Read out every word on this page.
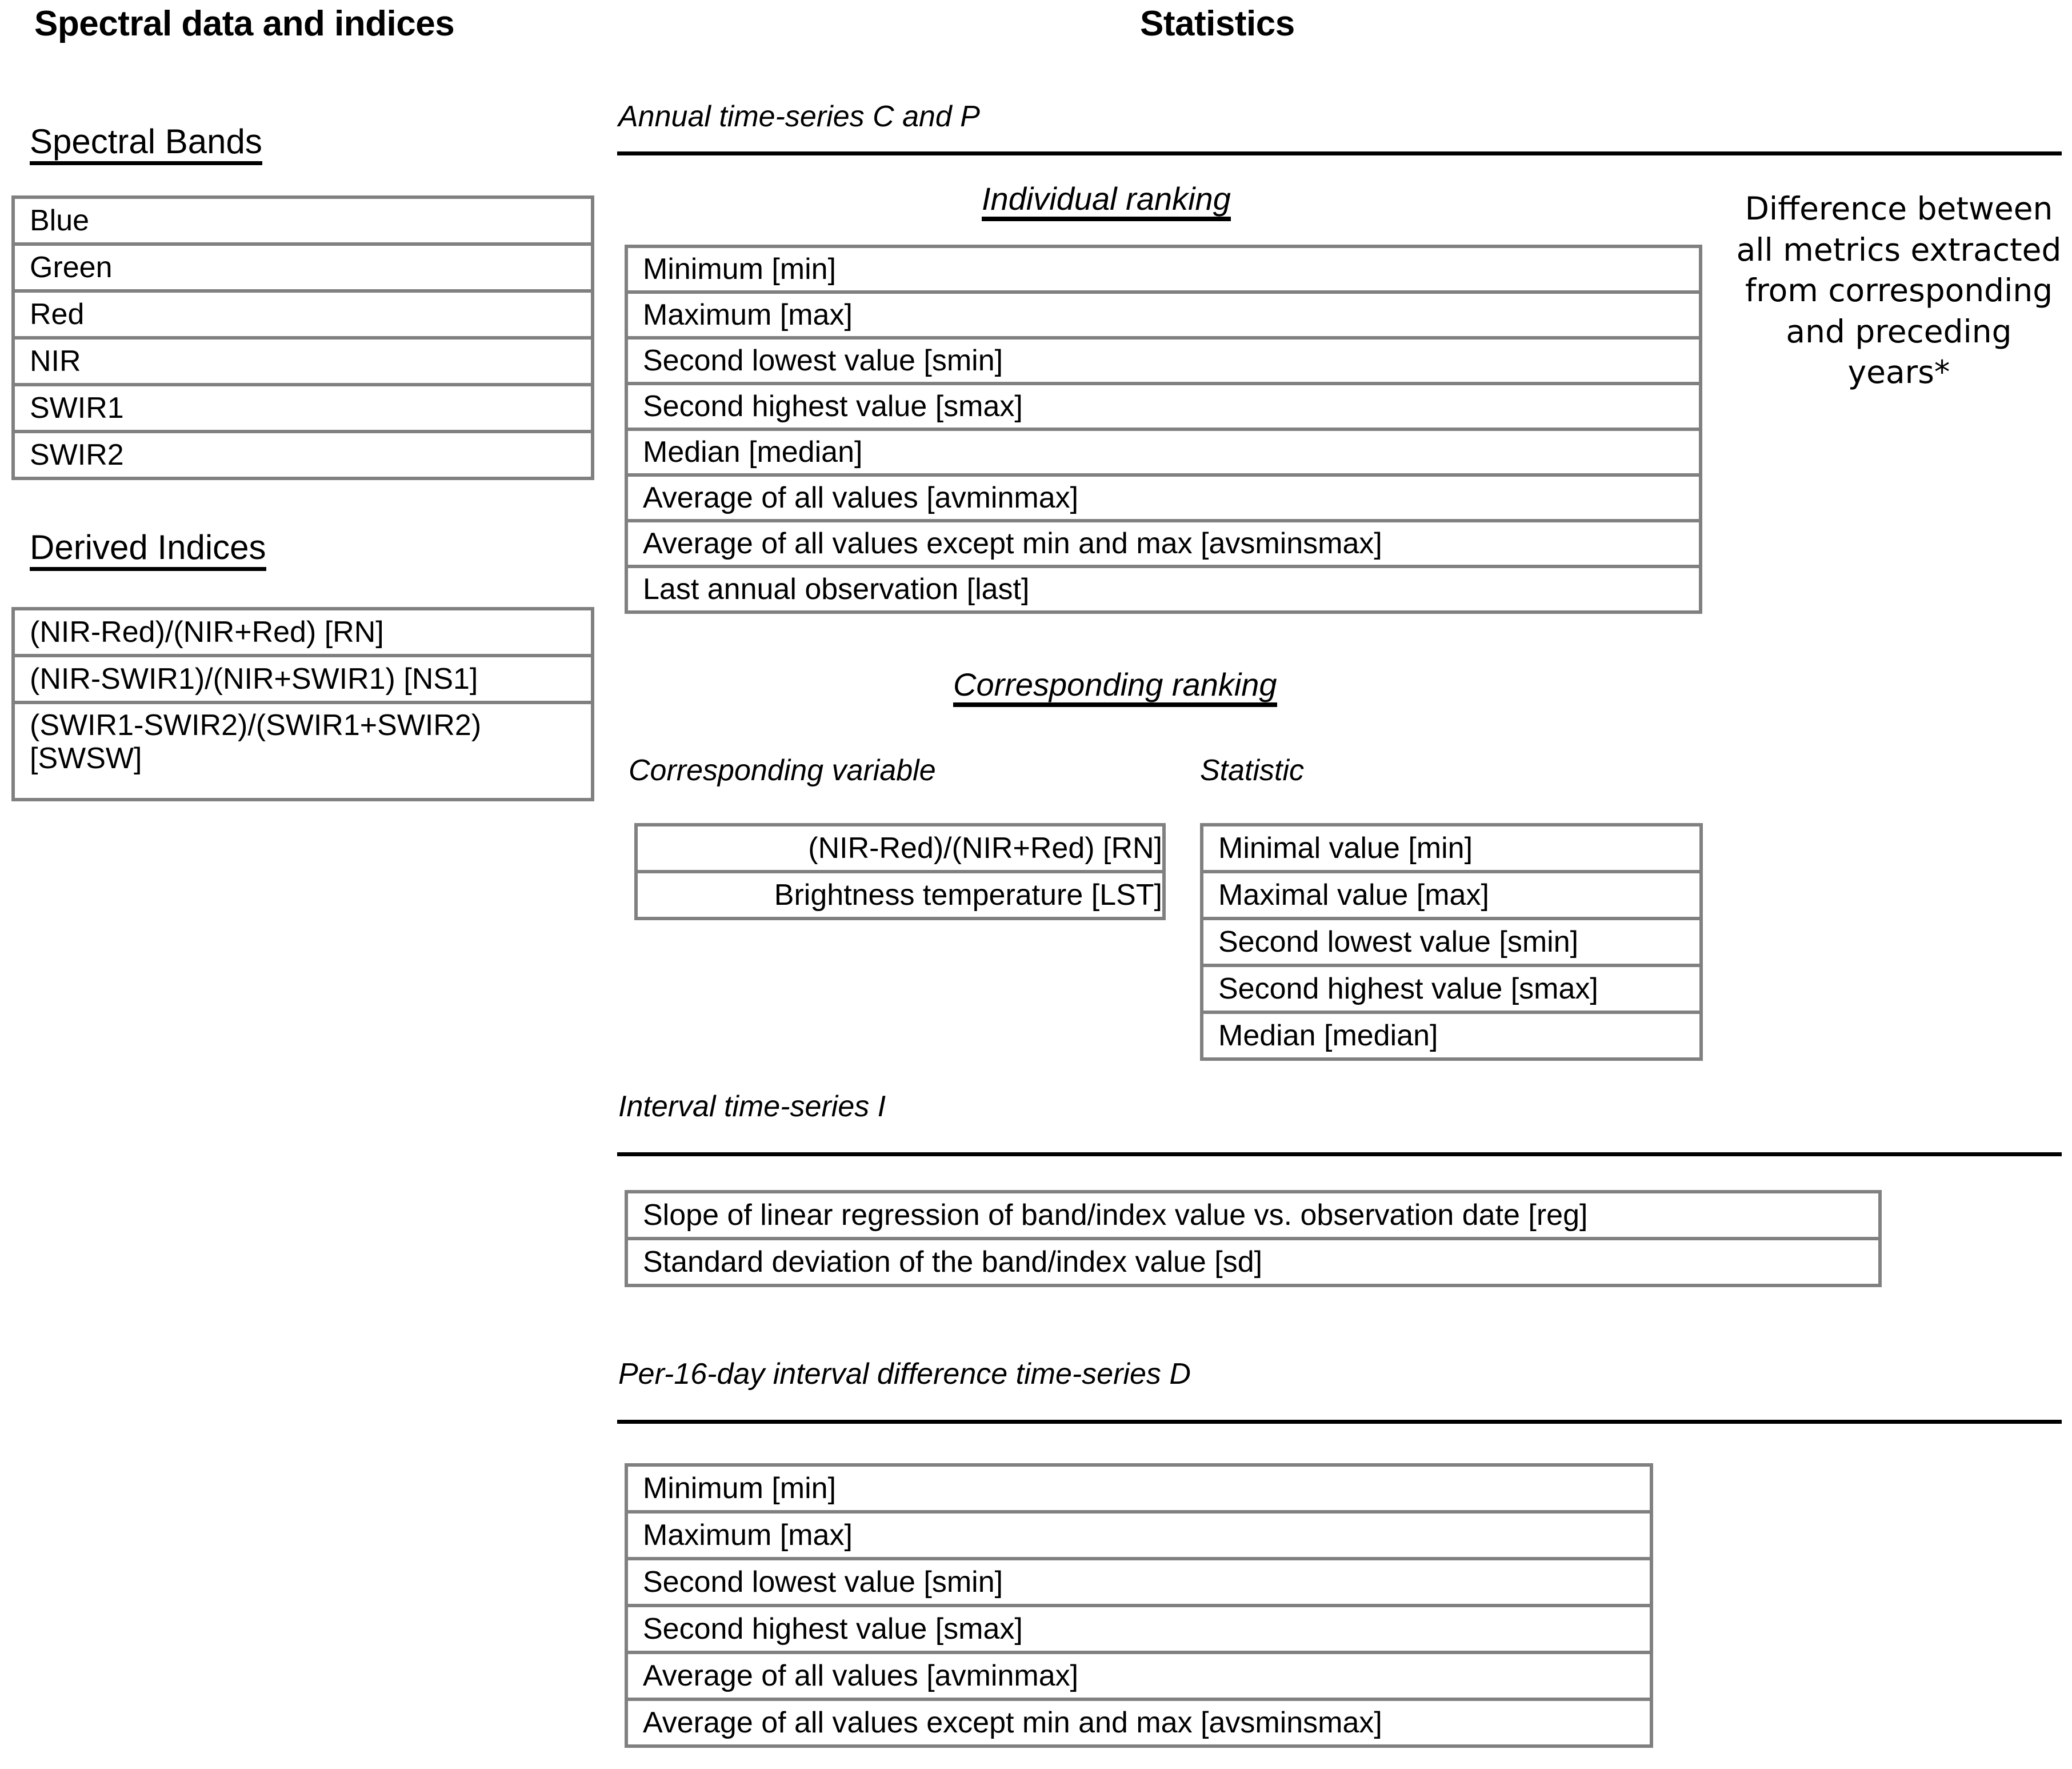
Spectral data and indices
Spectral Bands
Blue
Green
Red
NIR
SWIR1
SWIR2
Derived Indices
(NIR-Red)/(NIR+Red) [RN]
(NIR-SWIR1)/(NIR+SWIR1) [NS1]
(SWIR1-SWIR2)/(SWIR1+SWIR2) [SWSW]
Statistics
Annual time-series C and P
Individual ranking
Minimum [min]
Maximum [max]
Second lowest value [smin]
Second highest value [smax]
Median [median]
Average of all values [avminmax]
Average of all values except min and max [avsminsmax]
Last annual observation [last]
Corresponding ranking
Corresponding variable
(NIR-Red)/(NIR+Red) [RN]
Brightness temperature [LST]
Statistic
Minimal value [min]
Maximal value [max]
Second lowest value [smin]
Second highest value [smax]
Median [median]
Interval time-series I
Slope of linear regression of band/index value vs. observation date [reg]
Standard deviation of the band/index value [sd]
Per-16-day interval difference time-series D
Minimum [min]
Maximum [max]
Second lowest value [smin]
Second highest value [smax]
Average of all values [avminmax]
Average of all values except min and max [avsminsmax]
Difference between all metrics extracted from corresponding and preceding years*
